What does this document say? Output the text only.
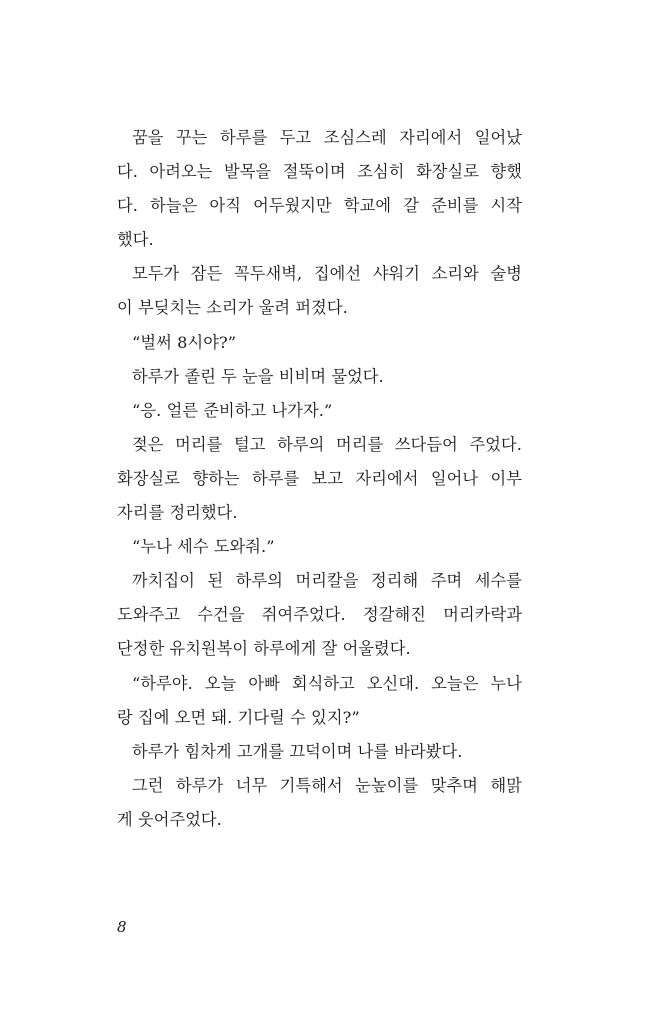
꿈을 꾸는 하루를 두고 조심스레 자리에서 일어났
다. 아려오는 발목을 절뚝이며 조심히 화장실로 향했
다. 하늘은 아직 어두웠지만 학교에 갈 준비를 시작
했다.
모두가 잠든 꼭두새벽, 집에선 샤워기 소리와 술병
이 부딪치는 소리가 울려 퍼졌다.
“벌써 8시야?”
하루가 졸린 두 눈을 비비며 물었다.
“응. 얼른 준비하고 나가자.”
젖은 머리를 털고 하루의 머리를 쓰다듬어 주었다.
화장실로 향하는 하루를 보고 자리에서 일어나 이부
자리를 정리했다.
“누나 세수 도와줘.”
까치집이 된 하루의 머리칼을 정리해 주며 세수를
도와주고 수건을 쥐여주었다. 정갈해진 머리카락과
단정한 유치원복이 하루에게 잘 어울렸다.
“하루야. 오늘 아빠 회식하고 오신대. 오늘은 누나
랑 집에 오면 돼. 기다릴 수 있지?”
하루가 힘차게 고개를 끄덕이며 나를 바라봤다.
그런 하루가 너무 기특해서 눈높이를 맞추며 해맑
게 웃어주었다.
8
